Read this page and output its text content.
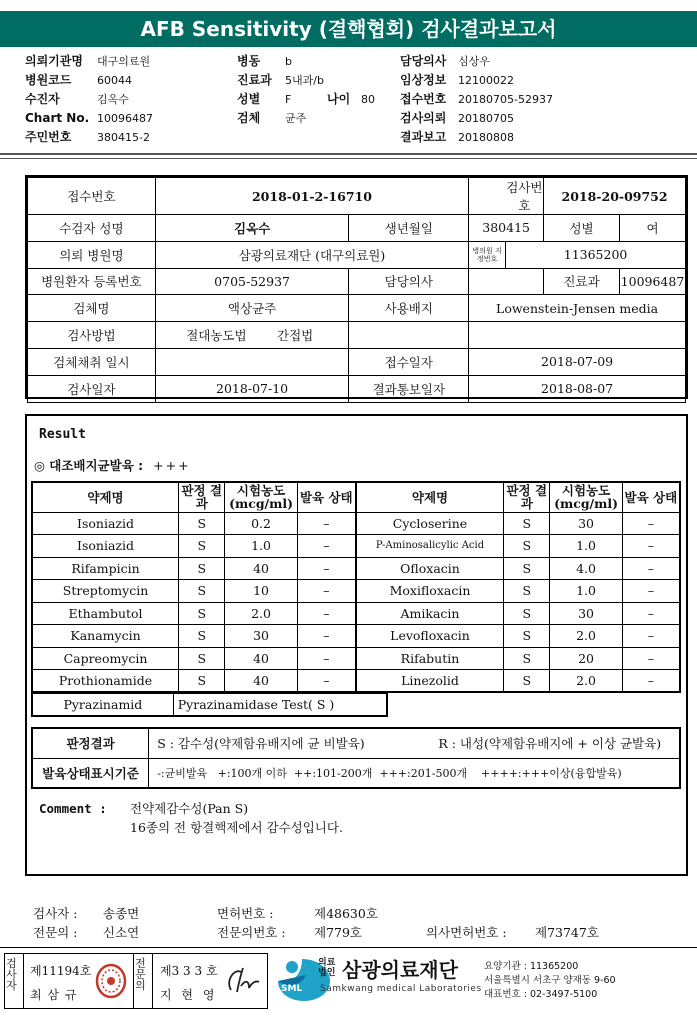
AFB Sensitivity (결핵협회) 검사결과보고서
의뢰기관명 대구의료원
병원코드 60044
수진자	김옥수
Chart No. 10096487
주민번호 380415-2
병동 b
진료과 5내과/b
성별 F	나이 80
검체 균주
담당의사 심상우
임상정보 12100022
접수번호 20180705-52937
검사의뢰 20180705
결과보고 20180808
접수번호	2018-01-2-16710				검사번호	2018-20-09752	
수검자 성명	김옥수		생년월일	380415		성별	여
의뢰 병원명	삼광의료재단 (대구의료원)			병의원 지정번호	11365200		
병원환자 등록번호	0705-52937		담당의사			진료과	10096487
검체명	액상균주		사용배지	Lowenstein-Jensen media			
검사방법	절대농도법	간접법					
검체채취 일시			접수일자	2018-07-09			
검사일자	2018-07-10		결과통보일자	2018-08-07			
Result
◎ 대조배지균발육 : +++
약제명	판정 결과	시험농도 (mcg/ml)	발육 상태	약제명	판정 결과	시험농도 (mcg/ml)	발육 상태
Isoniazid	S	0.2	–	Cycloserine	S	30	–
Isoniazid	S	1.0	–	P-Aminosalicylic Acid	S	1.0	–
Rifampicin	S	40	–	Ofloxacin	S	4.0	–
Streptomycin	S	10	–	Moxifloxacin	S	1.0	–
Ethambutol	S	2.0	–	Amikacin	S	30	–
Kanamycin	S	30	–	Levofloxacin	S	2.0	–
Capreomycin	S	40	–	Rifabutin	S	20	–
Prothionamide	S	40	–	Linezolid	S	2.0	–
Pyrazinamid	Pyrazinamidase Test( S )
판정결과	S : 감수성(약제함유배지에 균 비발육)	R : 내성(약제함유배지에 + 이상 균발육)
발육상태표시기준	-:균비발육   +:100개 이하  ++:101-200개  +++:201-500개    ++++:+++이상(융합발육)	
Comment : 전약제감수성(Pan S)
16종의 전 항결핵제에서 감수성입니다.
검사자 : 송종면	면허번호 :	제48630호
전문의 : 신소연	전문의번호 : 제779호	의사면허번호 : 제73747호
검사자
제11194호
최 삼 규
전문의
제3 3 3 호
지 현 영	SML
의료 법인 삼광의료재단
Samkwang medical Laboratories
요양기관 : 11365200
서울특별시 서초구 양재동 9-60
대표번호 : 02-3497-5100
